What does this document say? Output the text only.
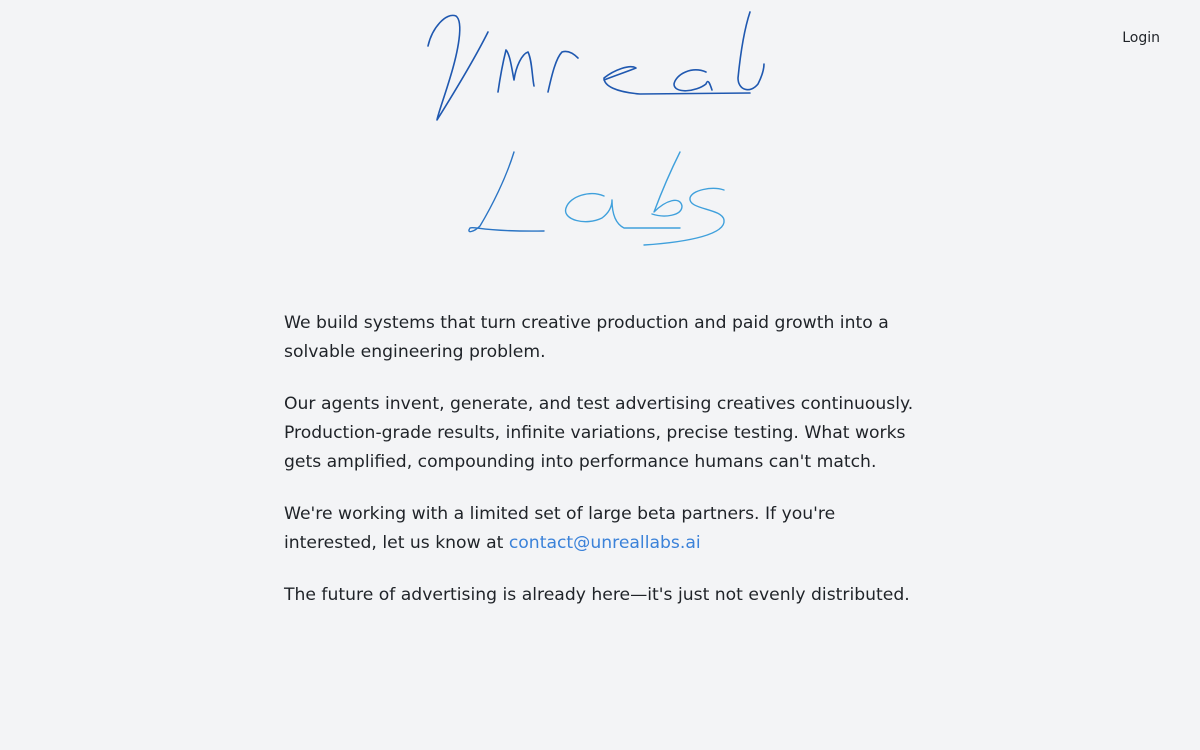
Login

We build systems that turn creative production and paid growth into a solvable engineering problem.

Our agents invent, generate, and test advertising creatives continuously. Production-grade results, infinite variations, precise testing. What works gets amplified, compounding into performance humans can't match.

We're working with a limited set of large beta partners. If you're interested, let us know at contact@unreallabs.ai

The future of advertising is already here—it's just not evenly distributed.
